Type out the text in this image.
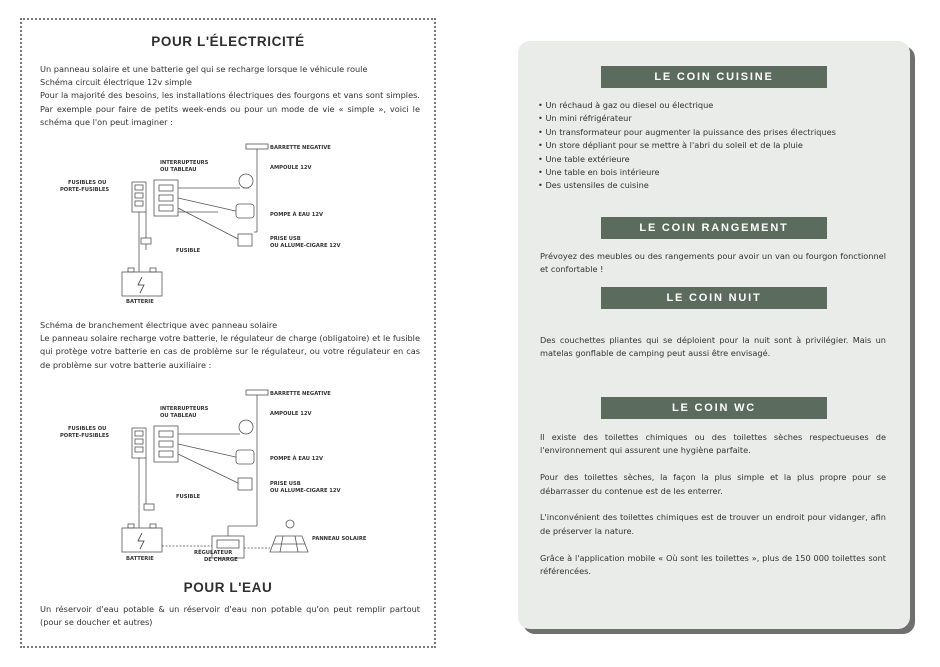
POUR L'ÉLECTRICITÉ
Un panneau solaire et une batterie gel qui se recharge lorsque le véhicule roule
Schéma circuit électrique 12v simple
Pour la majorité des besoins, les installations électriques des fourgons et vans sont simples. Par exemple pour faire de petits week-ends ou pour un mode de vie « simple », voici le schéma que l'on peut imaginer :
BARRETTE NEGATIVE
INTERRUPTEURS
OU TABLEAU	AMPOULE 12V
FUSIBLES OU
PORTE-FUSIBLES
POMPE À EAU 12V
PRISE USB
OU ALLUME-CIGARE 12V
FUSIBLE
BATTERIE
Schéma de branchement électrique avec panneau solaire
Le panneau solaire recharge votre batterie, le régulateur de charge (obligatoire) et le fusible qui protège votre batterie en cas de problème sur le régulateur, ou votre régulateur en cas de problème sur votre batterie auxiliaire :
BARRETTE NEGATIVE
INTERRUPTEURS
OU TABLEAU	AMPOULE 12V
FUSIBLES OU
PORTE-FUSIBLES
POMPE À EAU 12V
PRISE USB
OU ALLUME-CIGARE 12V
FUSIBLE
BATTERIE
RÉGULATEUR
DE CHARGE
PANNEAU SOLAIRE
POUR L'EAU
Un réservoir d'eau potable & un réservoir d'eau non potable qu'on peut remplir partout (pour se doucher et autres)
LE COIN CUISINE
• Un réchaud à gaz ou diesel ou électrique
• Un mini réfrigérateur
• Un transformateur pour augmenter la puissance des prises électriques
• Un store dépliant pour se mettre à l'abri du soleil et de la pluie
• Une table extérieure
• Une table en bois intérieure
• Des ustensiles de cuisine
LE COIN RANGEMENT
Prévoyez des meubles ou des rangements pour avoir un van ou fourgon fonctionnel et confortable !
LE COIN NUIT
Des couchettes pliantes qui se déploient pour la nuit sont à privilégier. Mais un matelas gonflable de camping peut aussi être envisagé.
LE COIN WC

Il existe des toilettes chimiques ou des toilettes sèches respectueuses de l'environnement qui assurent une hygiène parfaite.

Pour des toilettes sèches, la façon la plus simple et la plus propre pour se débarrasser du contenue est de les enterrer.

L'inconvénient des toilettes chimiques est de trouver un endroit pour vidanger, afin de préserver la nature.

Grâce à l'application mobile « Où sont les toilettes », plus de 150 000 toilettes sont référencées.
